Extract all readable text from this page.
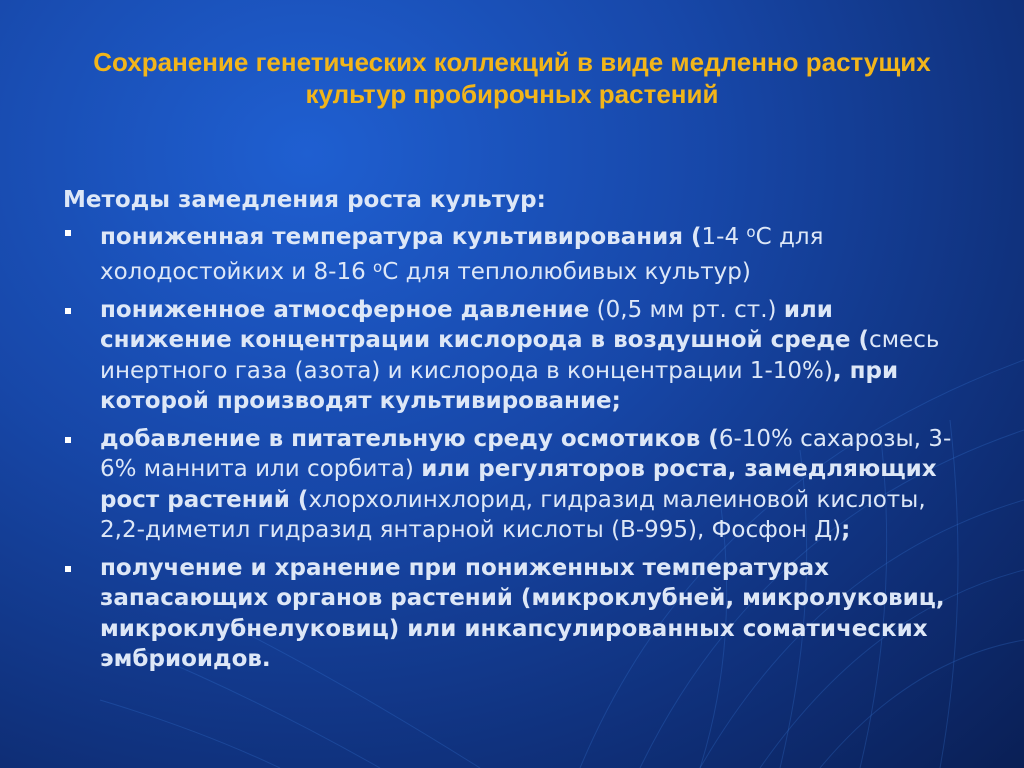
Сохранение генетических коллекций в виде медленно растущих культур пробирочных растений
Методы замедления роста культур:
пониженная температура культивирования (1-4 $^о$С для холодостойких и 8-16 $^о$С для теплолюбивых культур)
пониженное атмосферное давление (0,5 мм рт. ст.) или снижение концентрации кислорода в воздушной среде (смесь инертного газа (азота) и кислорода в концентрации 1-10%), при которой производят культивирование;
добавление в питательную среду осмотиков (6-10% сахарозы, 3-6% маннита или сорбита) или регуляторов роста, замедляющих рост растений (хлорхолинхлорид, гидразид малеиновой кислоты, 2,2-диметил гидразид янтарной кислоты (В-995), Фосфон Д);
получение и хранение при пониженных температурах запасающих органов растений (микроклубней, микролуковиц, микроклубнелуковиц) или инкапсулированных соматических эмбриоидов.
